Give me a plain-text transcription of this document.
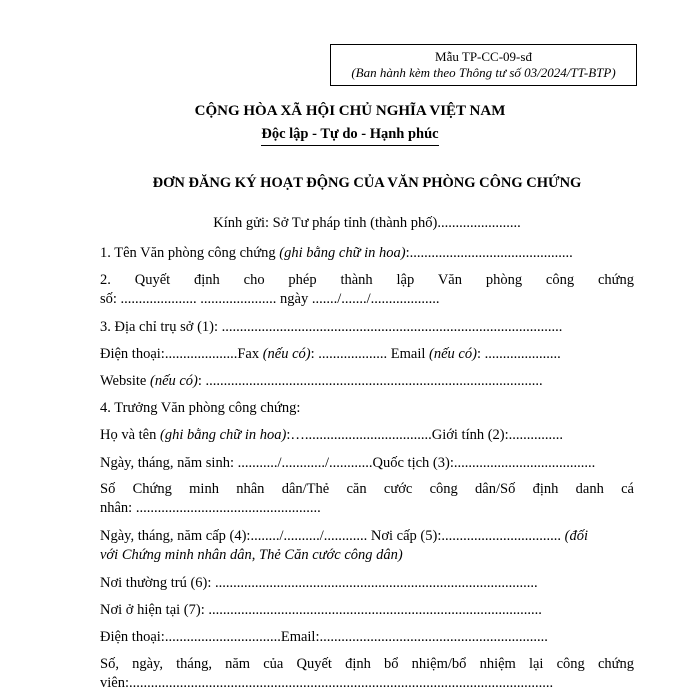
Mẫu TP-CC-09-sđ
(Ban hành kèm theo Thông tư số 03/2024/TT-BTP)
CỘNG HÒA XÃ HỘI CHỦ NGHĨA VIỆT NAM
Độc lập - Tự do - Hạnh phúc
ĐƠN ĐĂNG KÝ HOẠT ĐỘNG CỦA VĂN PHÒNG CÔNG CHỨNG
Kính gửi: Sở Tư pháp tỉnh (thành phố).......................
1. Tên Văn phòng công chứng (ghi bằng chữ in hoa):.............................................
2. Quyết định cho phép thành lập Văn phòng công chứng
số: ..................... ..................... ngày ......./......./...................
3. Địa chỉ trụ sở (1): ..............................................................................................
Điện thoại:....................Fax (nếu có): ................... Email (nếu có): .....................
Website (nếu có): .............................................................................................
4. Trưởng Văn phòng công chứng:
Họ và tên (ghi bằng chữ in hoa):…...................................Giới tính (2):...............
Ngày, tháng, năm sinh: .........../............/............Quốc tịch (3):.......................................
Số Chứng minh nhân dân/Thẻ căn cước công dân/Số định danh cá
nhân: ...................................................
Ngày, tháng, năm cấp (4):......../........../............ Nơi cấp (5):................................. (đối
với Chứng minh nhân dân, Thẻ Căn cước công dân)
Nơi thường trú (6): .........................................................................................
Nơi ở hiện tại (7): ............................................................................................
Điện thoại:................................Email:...............................................................
Số, ngày, tháng, năm của Quyết định bổ nhiệm/bổ nhiệm lại công chứng
viên:.....................................................................................................................
